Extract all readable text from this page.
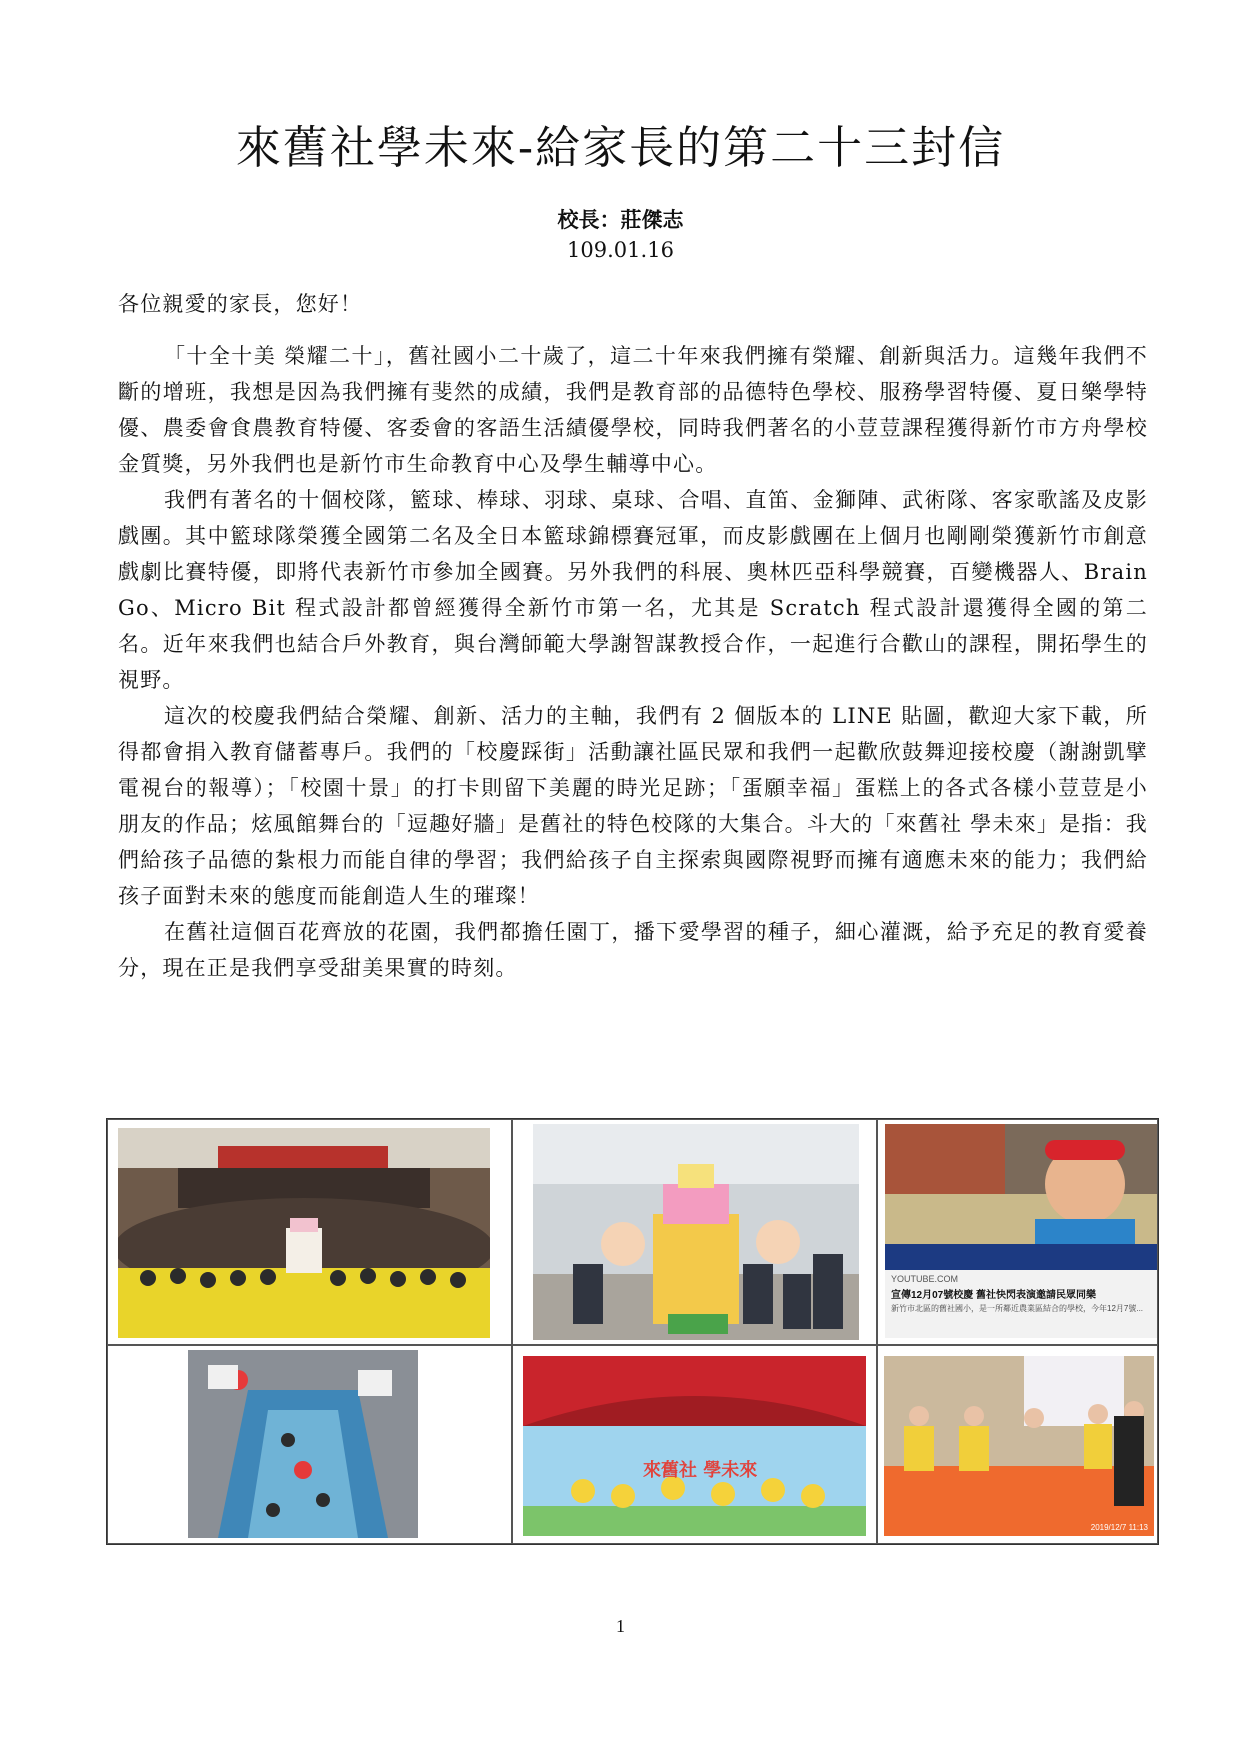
來舊社學未來-給家長的第二十三封信
校長：莊傑志
109.01.16

各位親愛的家長，您好！

「十全十美 榮耀二十」，舊社國小二十歲了，這二十年來我們擁有榮耀、創新與活力。這幾年我們不斷的增班，我想是因為我們擁有斐然的成績，我們是教育部的品德特色學校、服務學習特優、夏日樂學特優、農委會食農教育特優、客委會的客語生活績優學校，同時我們著名的小荳荳課程獲得新竹市方舟學校金質獎，另外我們也是新竹市生命教育中心及學生輔導中心。

我們有著名的十個校隊，籃球、棒球、羽球、桌球、合唱、直笛、金獅陣、武術隊、客家歌謠及皮影戲團。其中籃球隊榮獲全國第二名及全日本籃球錦標賽冠軍，而皮影戲團在上個月也剛剛榮獲新竹市創意戲劇比賽特優，即將代表新竹市參加全國賽。另外我們的科展、奧林匹亞科學競賽，百變機器人、Brain Go、Micro Bit 程式設計都曾經獲得全新竹市第一名，尤其是 Scratch 程式設計還獲得全國的第二名。近年來我們也結合戶外教育，與台灣師範大學謝智謀教授合作，一起進行合歡山的課程，開拓學生的視野。

這次的校慶我們結合榮耀、創新、活力的主軸，我們有 2 個版本的 LINE 貼圖，歡迎大家下載，所得都會捐入教育儲蓄專戶。我們的「校慶踩街」活動讓社區民眾和我們一起歡欣鼓舞迎接校慶（謝謝凱擘電視台的報導）；「校園十景」的打卡則留下美麗的時光足跡；「蛋願幸福」蛋糕上的各式各樣小荳荳是小朋友的作品；炫風館舞台的「逗趣好牆」是舊社的特色校隊的大集合。斗大的「來舊社 學未來」是指：我們給孩子品德的紮根力而能自律的學習；我們給孩子自主探索與國際視野而擁有適應未來的能力；我們給孩子面對未來的態度而能創造人生的璀璨！

在舊社這個百花齊放的花園，我們都擔任園丁，播下愛學習的種子，細心灌溉，給予充足的教育愛養分，現在正是我們享受甜美果實的時刻。

YOUTUBE.COM
宣傳12月07號校慶 舊社快閃表演邀請民眾同樂
新竹市北區的舊社國小，是一所鄰近農業區結合的學校，今年12月7號...
來舊社 學未來
2019/12/7 11:13
1
